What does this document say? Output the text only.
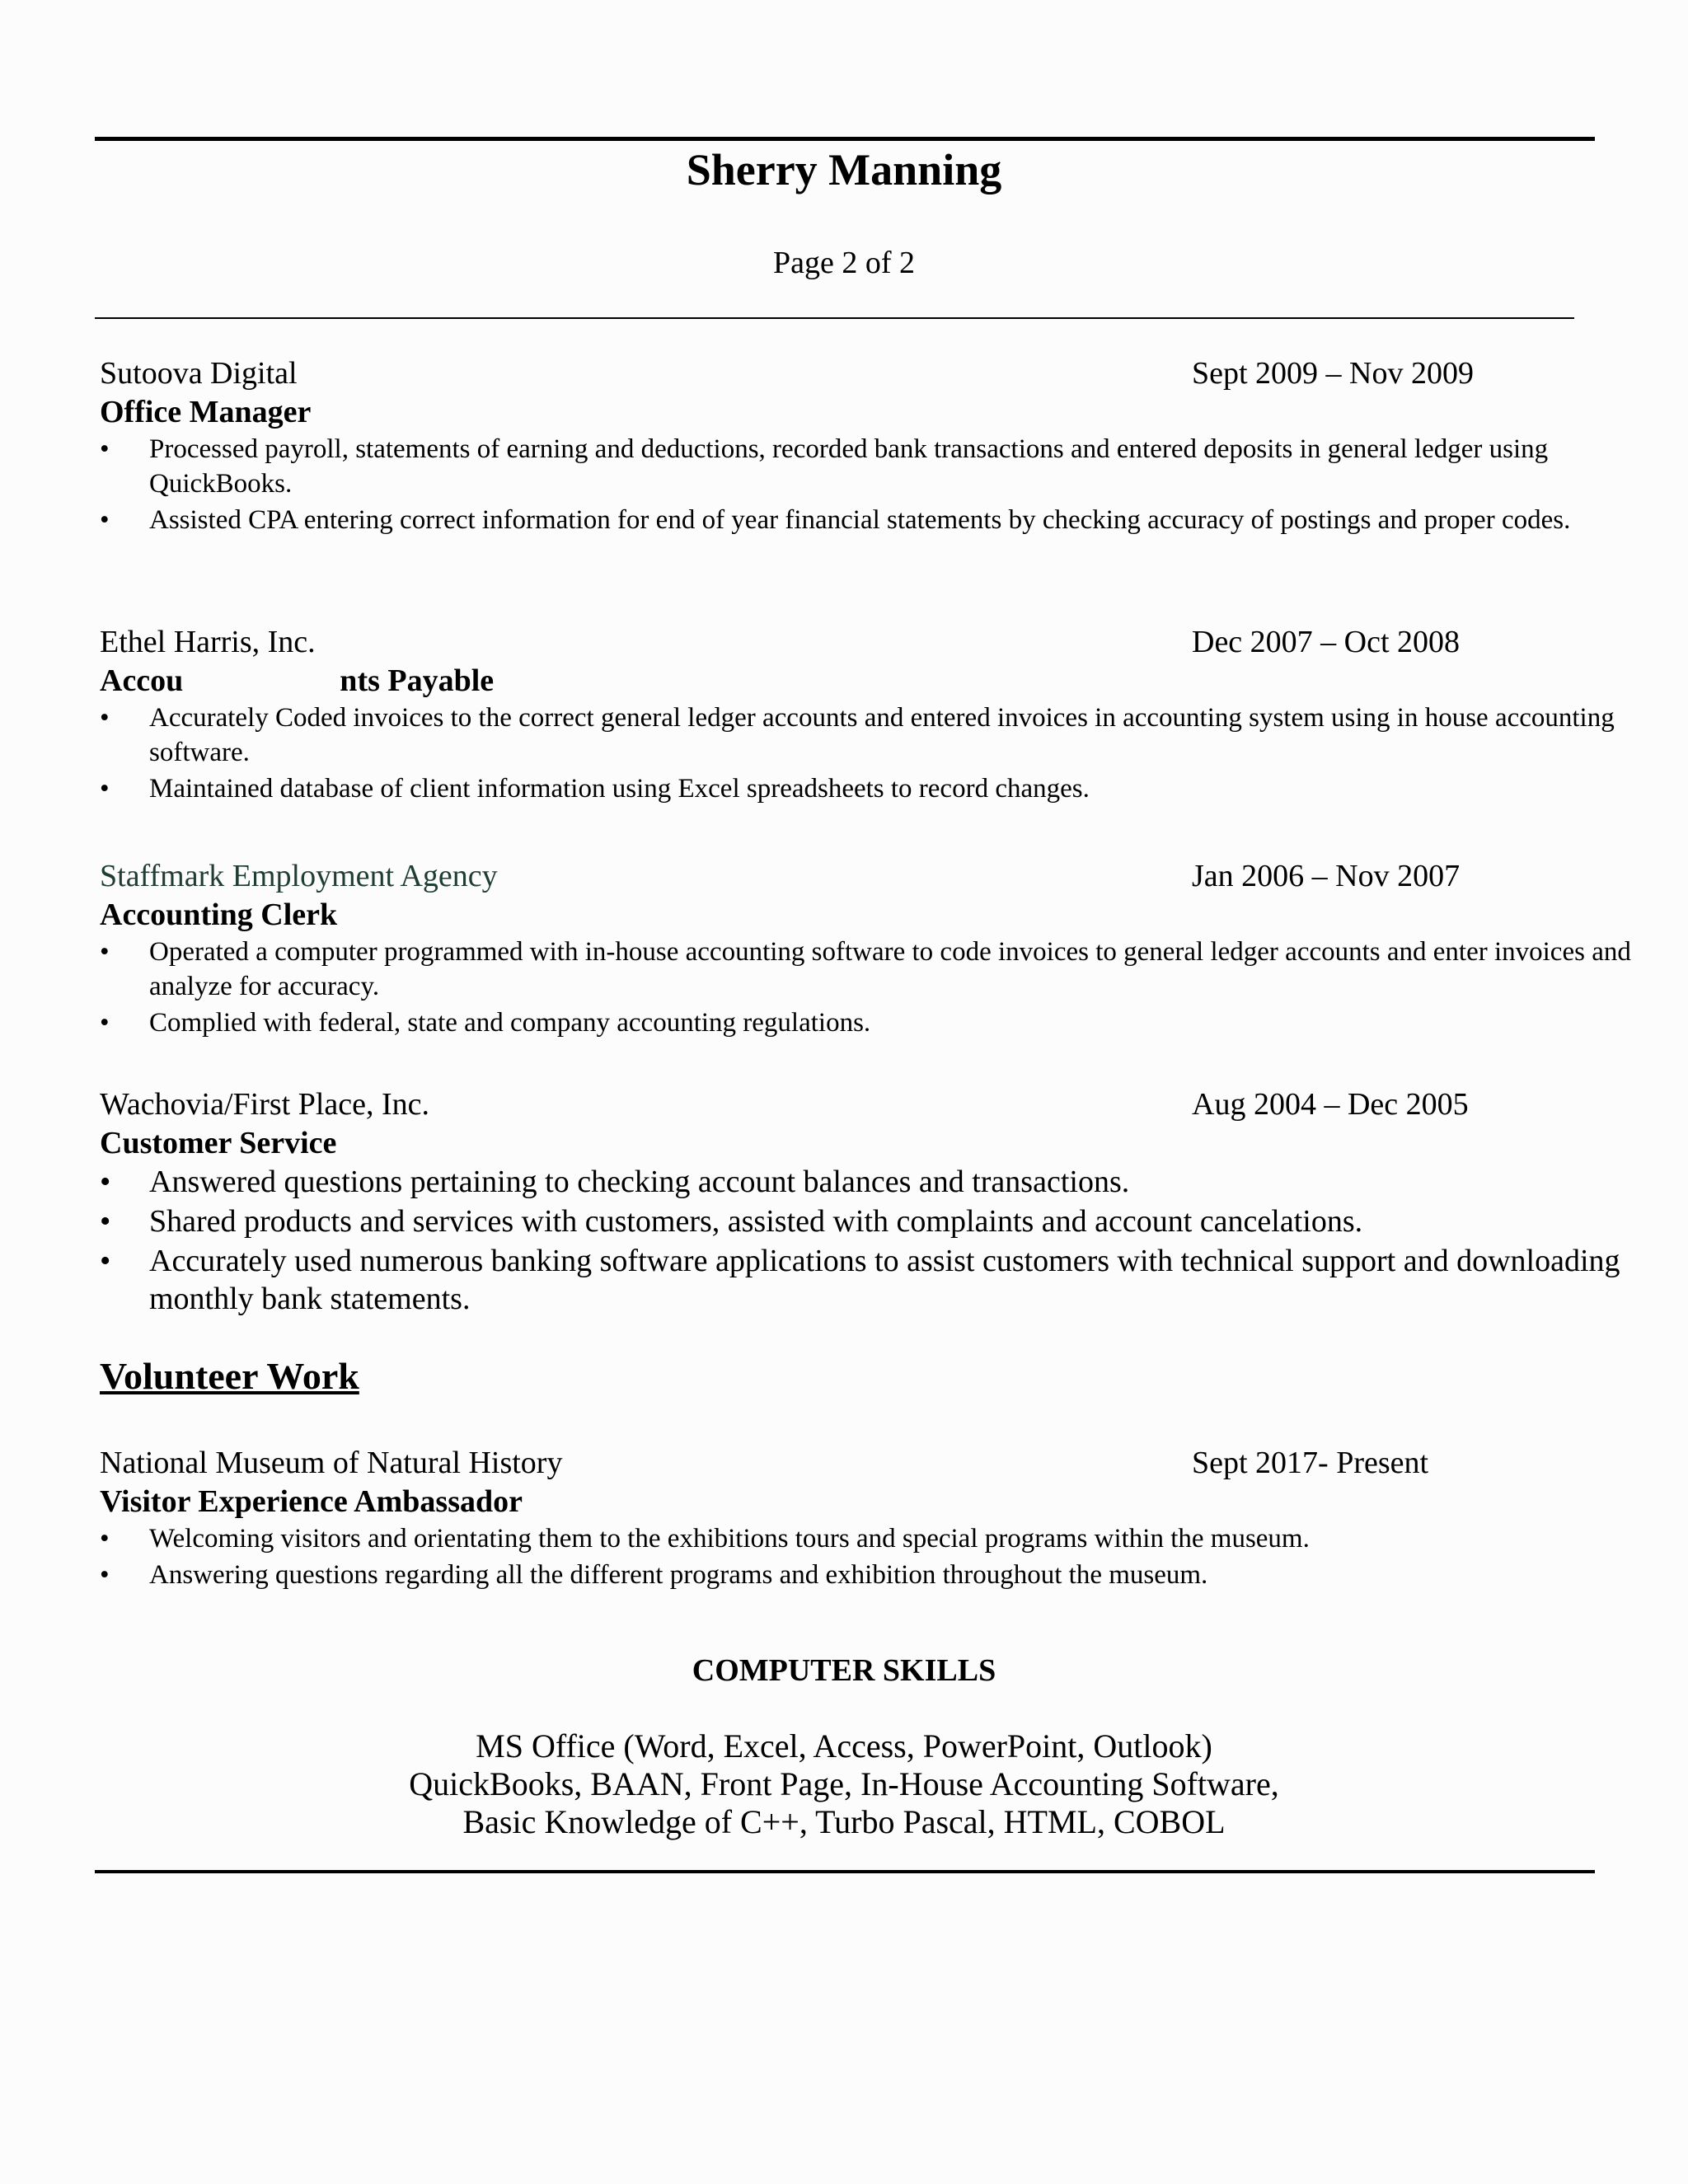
Sherry Manning
Page 2 of 2
Sutoova Digital	Sept 2009 – Nov 2009
Office Manager
• Processed payroll, statements of earning and deductions, recorded bank transactions and entered deposits in general ledger using QuickBooks.
• Assisted CPA entering correct information for end of year financial statements by checking accuracy of postings and proper codes.
Ethel Harris, Inc.	Dec 2007 – Oct 2008
Accou                    nts Payable
• Accurately Coded invoices to the correct general ledger accounts and entered invoices in accounting system using in house accounting software.
• Maintained database of client information using Excel spreadsheets to record changes.
Staffmark Employment Agency	Jan 2006 – Nov 2007
Accounting Clerk
• Operated a computer programmed with in-house accounting software to code invoices to general ledger accounts and enter invoices and analyze for accuracy.
• Complied with federal, state and company accounting regulations.
Wachovia/First Place, Inc.	Aug 2004 – Dec 2005
Customer Service
• Answered questions pertaining to checking account balances and transactions.
• Shared products and services with customers, assisted with complaints and account cancelations.
• Accurately used numerous banking software applications to assist customers with technical support and downloading monthly bank statements.
Volunteer Work
National Museum of Natural History	Sept 2017- Present
Visitor Experience Ambassador
• Welcoming visitors and orientating them to the exhibitions tours and special programs within the museum.
• Answering questions regarding all the different programs and exhibition throughout the museum.
COMPUTER SKILLS
MS Office (Word, Excel, Access, PowerPoint, Outlook)
QuickBooks, BAAN, Front Page, In-House Accounting Software,
Basic Knowledge of C++, Turbo Pascal, HTML, COBOL
